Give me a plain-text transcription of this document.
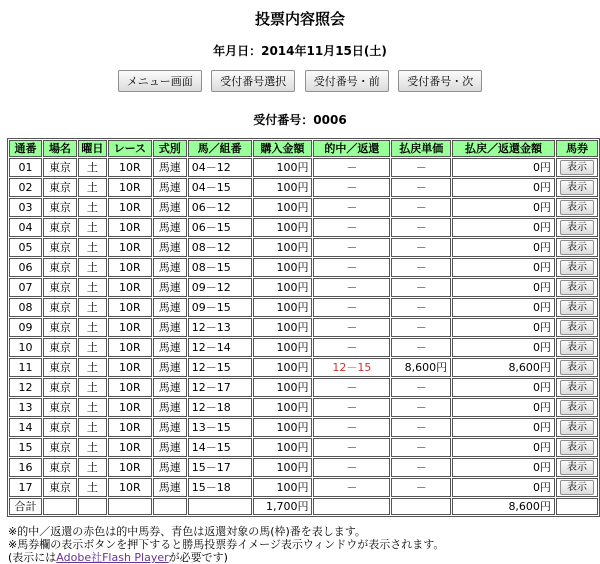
投票内容照会
年月日：2014年11月15日(土)
メニュー画面	受付番号選択	受付番号・前	受付番号・次
受付番号：0006
通番	場名	曜日	レース	式別	馬／組番	購入金額	的中／返還	払戻単価	払戻／返還金額	馬券
01	東京	土	10R	馬連	04－12	100円	－	－	0円	表示
02	東京	土	10R	馬連	04－15	100円	－	－	0円	表示
03	東京	土	10R	馬連	06－12	100円	－	－	0円	表示
04	東京	土	10R	馬連	06－15	100円	－	－	0円	表示
05	東京	土	10R	馬連	08－12	100円	－	－	0円	表示
06	東京	土	10R	馬連	08－15	100円	－	－	0円	表示
07	東京	土	10R	馬連	09－12	100円	－	－	0円	表示
08	東京	土	10R	馬連	09－15	100円	－	－	0円	表示
09	東京	土	10R	馬連	12－13	100円	－	－	0円	表示
10	東京	土	10R	馬連	12－14	100円	－	－	0円	表示
11	東京	土	10R	馬連	12－15	100円	12－15	8,600円	8,600円	表示
12	東京	土	10R	馬連	12－17	100円	－	－	0円	表示
13	東京	土	10R	馬連	12－18	100円	－	－	0円	表示
14	東京	土	10R	馬連	13－15	100円	－	－	0円	表示
15	東京	土	10R	馬連	14－15	100円	－	－	0円	表示
16	東京	土	10R	馬連	15－17	100円	－	－	0円	表示
17	東京	土	10R	馬連	15－18	100円	－	－	0円	表示
合計						1,700円			8,600円	
※的中／返還の赤色は的中馬券、青色は返還対象の馬(枠)番を表します。
※馬券欄の表示ボタンを押下すると勝馬投票券イメージ表示ウィンドウが表示されます。
(表示にはAdobe社Flash Playerが必要です)
